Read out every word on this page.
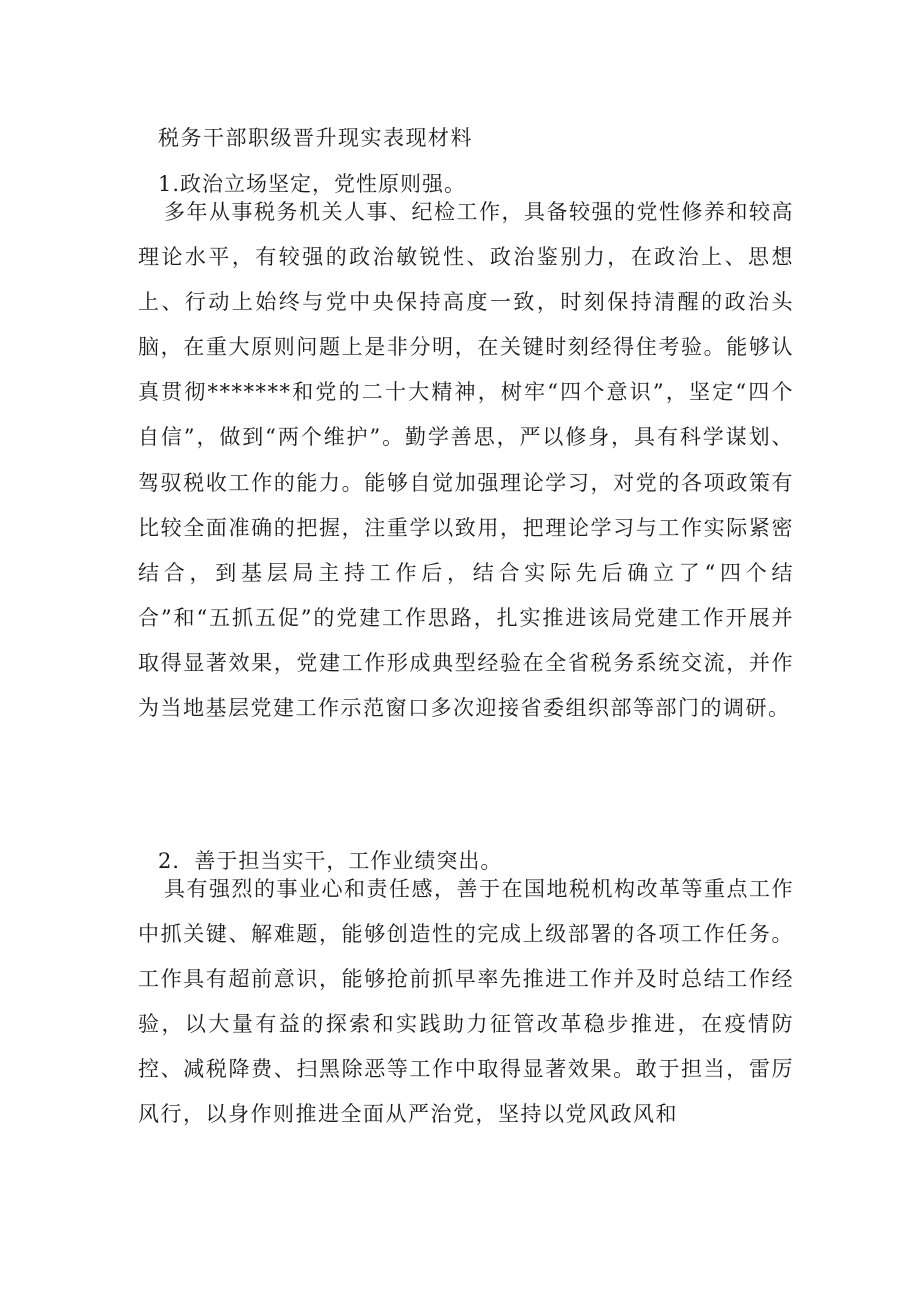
税务干部职级晋升现实表现材料
1.政治立场坚定，党性原则强。
多年从事税务机关人事、纪检工作，具备较强的党性修养和较高理论水平，有较强的政治敏锐性、政治鉴别力，在政治上、思想上、行动上始终与党中央保持高度一致，时刻保持清醒的政治头脑，在重大原则问题上是非分明，在关键时刻经得住考验。能够认真贯彻*******和党的二十大精神，树牢“四个意识”，坚定“四个自信”，做到“两个维护”。勤学善思，严以修身，具有科学谋划、驾驭税收工作的能力。能够自觉加强理论学习，对党的各项政策有比较全面准确的把握，注重学以致用，把理论学习与工作实际紧密结合，到基层局主持工作后，结合实际先后确立了“四个结合”和“五抓五促”的党建工作思路，扎实推进该局党建工作开展并取得显著效果，党建工作形成典型经验在全省税务系统交流，并作为当地基层党建工作示范窗口多次迎接省委组织部等部门的调研。
2．善于担当实干，工作业绩突出。
具有强烈的事业心和责任感，善于在国地税机构改革等重点工作中抓关键、解难题，能够创造性的完成上级部署的各项工作任务。工作具有超前意识，能够抢前抓早率先推进工作并及时总结工作经验，以大量有益的探索和实践助力征管改革稳步推进，在疫情防控、减税降费、扫黑除恶等工作中取得显著效果。敢于担当，雷厉风行，以身作则推进全面从严治党，坚持以党风政风和
